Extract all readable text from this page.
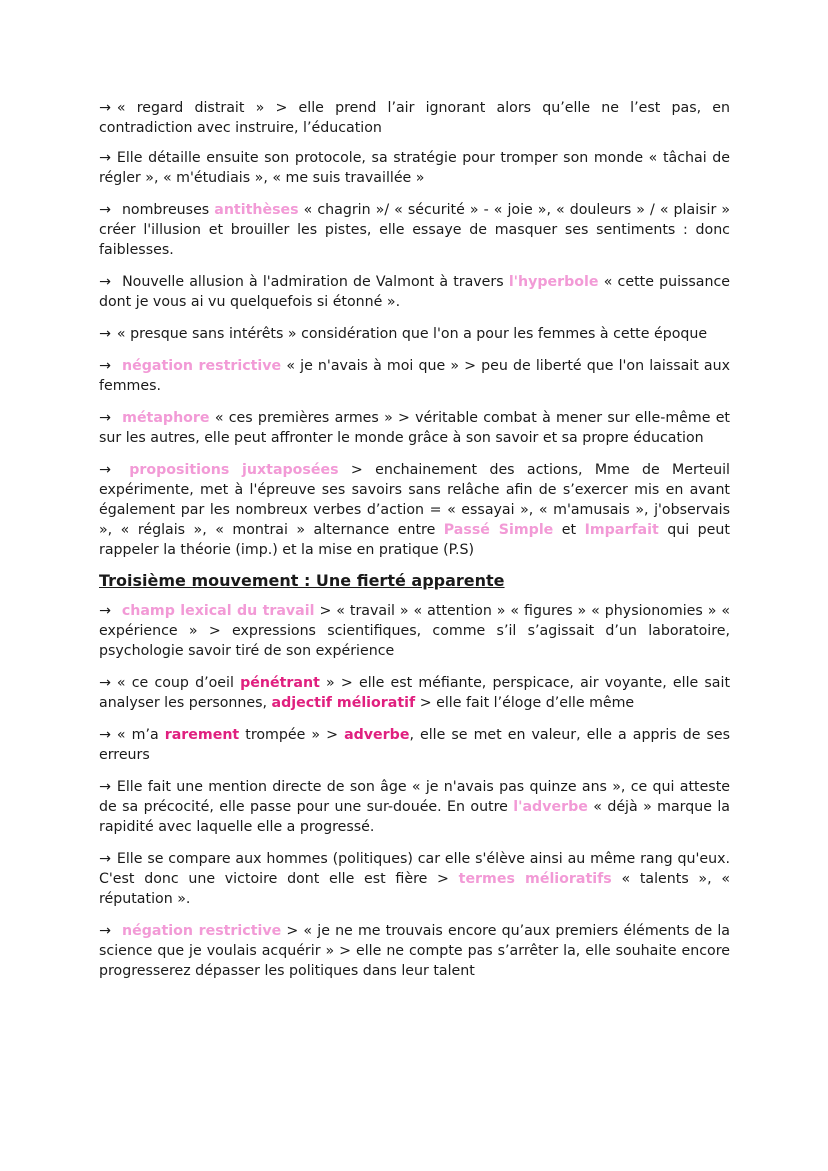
→ « regard distrait » > elle prend l’air ignorant alors qu’elle ne l’est pas, en contradiction avec instruire, l’éducation

→ Elle détaille ensuite son protocole, sa stratégie pour tromper son monde « tâchai de régler », « m'étudiais », « me suis travaillée »

→ nombreuses antithèses « chagrin »/ « sécurité » - « joie », « douleurs » / « plaisir » créer l'illusion et brouiller les pistes, elle essaye de masquer ses sentiments : donc faiblesses.

→ Nouvelle allusion à l'admiration de Valmont à travers l'hyperbole « cette puissance dont je vous ai vu quelquefois si étonné ».

→ « presque sans intérêts » considération que l'on a pour les femmes à cette époque

→ négation restrictive « je n'avais à moi que » > peu de liberté que l'on laissait aux femmes.

→ métaphore « ces premières armes » > véritable combat à mener sur elle-même et sur les autres, elle peut affronter le monde grâce à son savoir et sa propre éducation

→ propositions juxtaposées > enchainement des actions, Mme de Merteuil expérimente, met à l'épreuve ses savoirs sans relâche afin de s’exercer mis en avant également par les nombreux verbes d’action = « essayai », « m'amusais », j'observais », « réglais », « montrai » alternance entre Passé Simple et Imparfait qui peut rappeler la théorie (imp.) et la mise en pratique (P.S)

Troisième mouvement : Une fierté apparente

→ champ lexical du travail > « travail » « attention » « figures » « physionomies » « expérience » > expressions scientifiques, comme s’il s’agissait d’un laboratoire, psychologie savoir tiré de son expérience

→ « ce coup d’oeil pénétrant » > elle est méfiante, perspicace, air voyante, elle sait analyser les personnes, adjectif mélioratif > elle fait l’éloge d’elle même

→ « m’a rarement trompée » > adverbe, elle se met en valeur, elle a appris de ses erreurs

→ Elle fait une mention directe de son âge « je n'avais pas quinze ans », ce qui atteste de sa précocité, elle passe pour une sur-douée. En outre l'adverbe « déjà » marque la rapidité avec laquelle elle a progressé.

→ Elle se compare aux hommes (politiques) car elle s'élève ainsi au même rang qu'eux. C'est donc une victoire dont elle est fière > termes mélioratifs « talents », « réputation ».

→ négation restrictive > « je ne me trouvais encore qu’aux premiers éléments de la science que je voulais acquérir » > elle ne compte pas s’arrêter la, elle souhaite encore progresserez dépasser les politiques dans leur talent
